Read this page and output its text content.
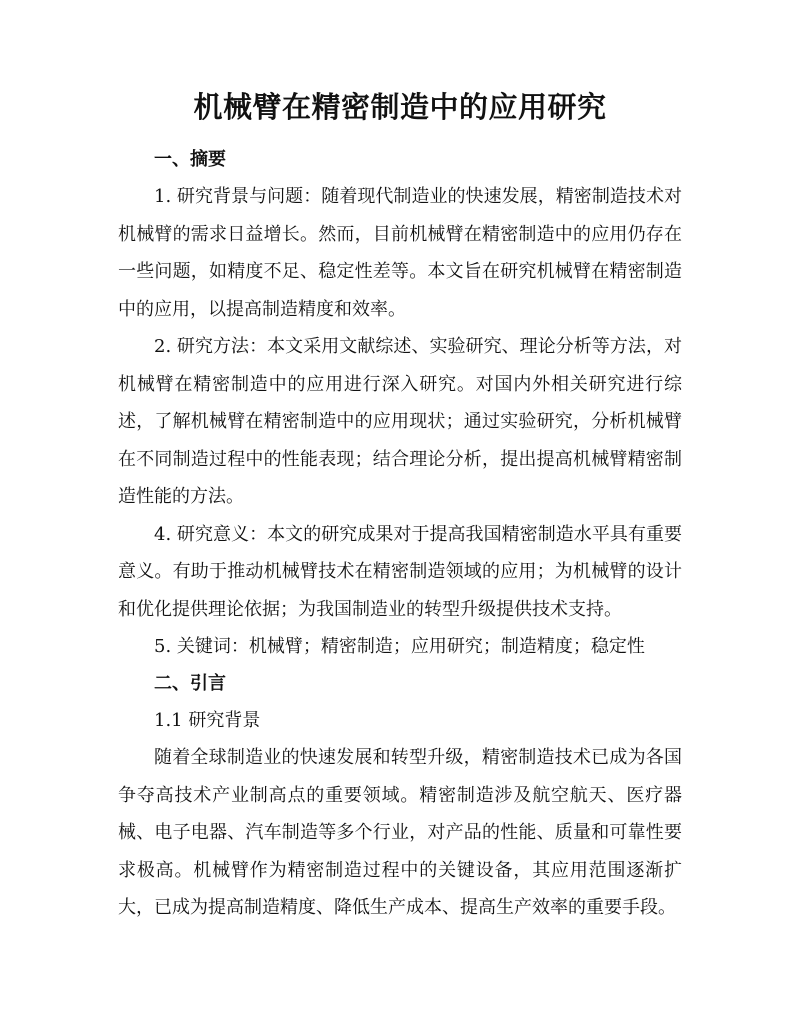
机械臂在精密制造中的应用研究
一、摘要

1. 研究背景与问题：随着现代制造业的快速发展，精密制造技术对机械臂的需求日益增长。然而，目前机械臂在精密制造中的应用仍存在一些问题，如精度不足、稳定性差等。本文旨在研究机械臂在精密制造中的应用，以提高制造精度和效率。

2. 研究方法：本文采用文献综述、实验研究、理论分析等方法，对机械臂在精密制造中的应用进行深入研究。对国内外相关研究进行综述，了解机械臂在精密制造中的应用现状；通过实验研究，分析机械臂在不同制造过程中的性能表现；结合理论分析，提出提高机械臂精密制造性能的方法。

4. 研究意义：本文的研究成果对于提高我国精密制造水平具有重要意义。有助于推动机械臂技术在精密制造领域的应用；为机械臂的设计和优化提供理论依据；为我国制造业的转型升级提供技术支持。

5. 关键词：机械臂；精密制造；应用研究；制造精度；稳定性

二、引言

1.1 研究背景

随着全球制造业的快速发展和转型升级，精密制造技术已成为各国争夺高技术产业制高点的重要领域。精密制造涉及航空航天、医疗器械、电子电器、汽车制造等多个行业，对产品的性能、质量和可靠性要求极高。机械臂作为精密制造过程中的关键设备，其应用范围逐渐扩大，已成为提高制造精度、降低生产成本、提高生产效率的重要手段。
